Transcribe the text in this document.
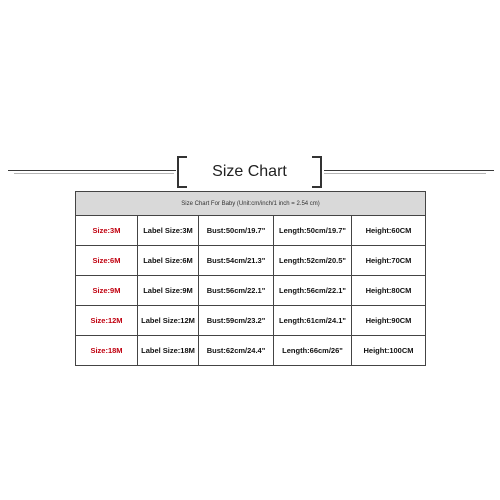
Size Chart
Size Chart For Baby (Unit:cm/inch/1 inch = 2.54 cm)				
Size:3M	Label Size:3M	Bust:50cm/19.7"	Length:50cm/19.7"	Height:60CM
Size:6M	Label Size:6M	Bust:54cm/21.3"	Length:52cm/20.5"	Height:70CM
Size:9M	Label Size:9M	Bust:56cm/22.1"	Length:56cm/22.1"	Height:80CM
Size:12M	Label Size:12M	Bust:59cm/23.2"	Length:61cm/24.1"	Height:90CM
Size:18M	Label Size:18M	Bust:62cm/24.4"	Length:66cm/26"	Height:100CM
